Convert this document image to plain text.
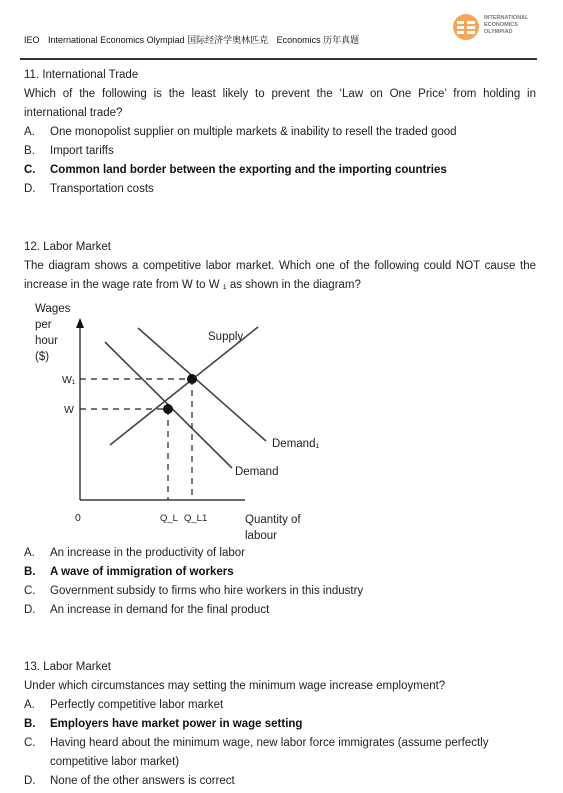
IEO International Economics Olympiad 国际经济学奥林匹克 Economics 历年真题
INTERNATIONAL
ECONOMICS
OLYMPIAD
11. International Trade
Which of the following is the least likely to prevent the ‘Law on One Price’ from holding in international trade?
A.	One monopolist supplier on multiple markets & inability to resell the traded good
B.	Import tariffs
C.	Common land border between the exporting and the importing countries
D.	Transportation costs
12. Labor Market
The diagram shows a competitive labor market. Which one of the following could NOT cause the increase in the wage rate from W to W ₁ as shown in the diagram?
Wages
per
hour
($)
W₁
W
Supply
Demand₁
Demand
0	Q_L Q_L1	Quantity of
labour
A.	An increase in the productivity of labor
B.	A wave of immigration of workers
C.	Government subsidy to firms who hire workers in this industry
D.	An increase in demand for the final product
13. Labor Market
Under which circumstances may setting the minimum wage increase employment?
A.	Perfectly competitive labor market
B.	Employers have market power in wage setting
C.	Having heard about the minimum wage, new labor force immigrates (assume perfectly competitive labor market)
D.	None of the other answers is correct
